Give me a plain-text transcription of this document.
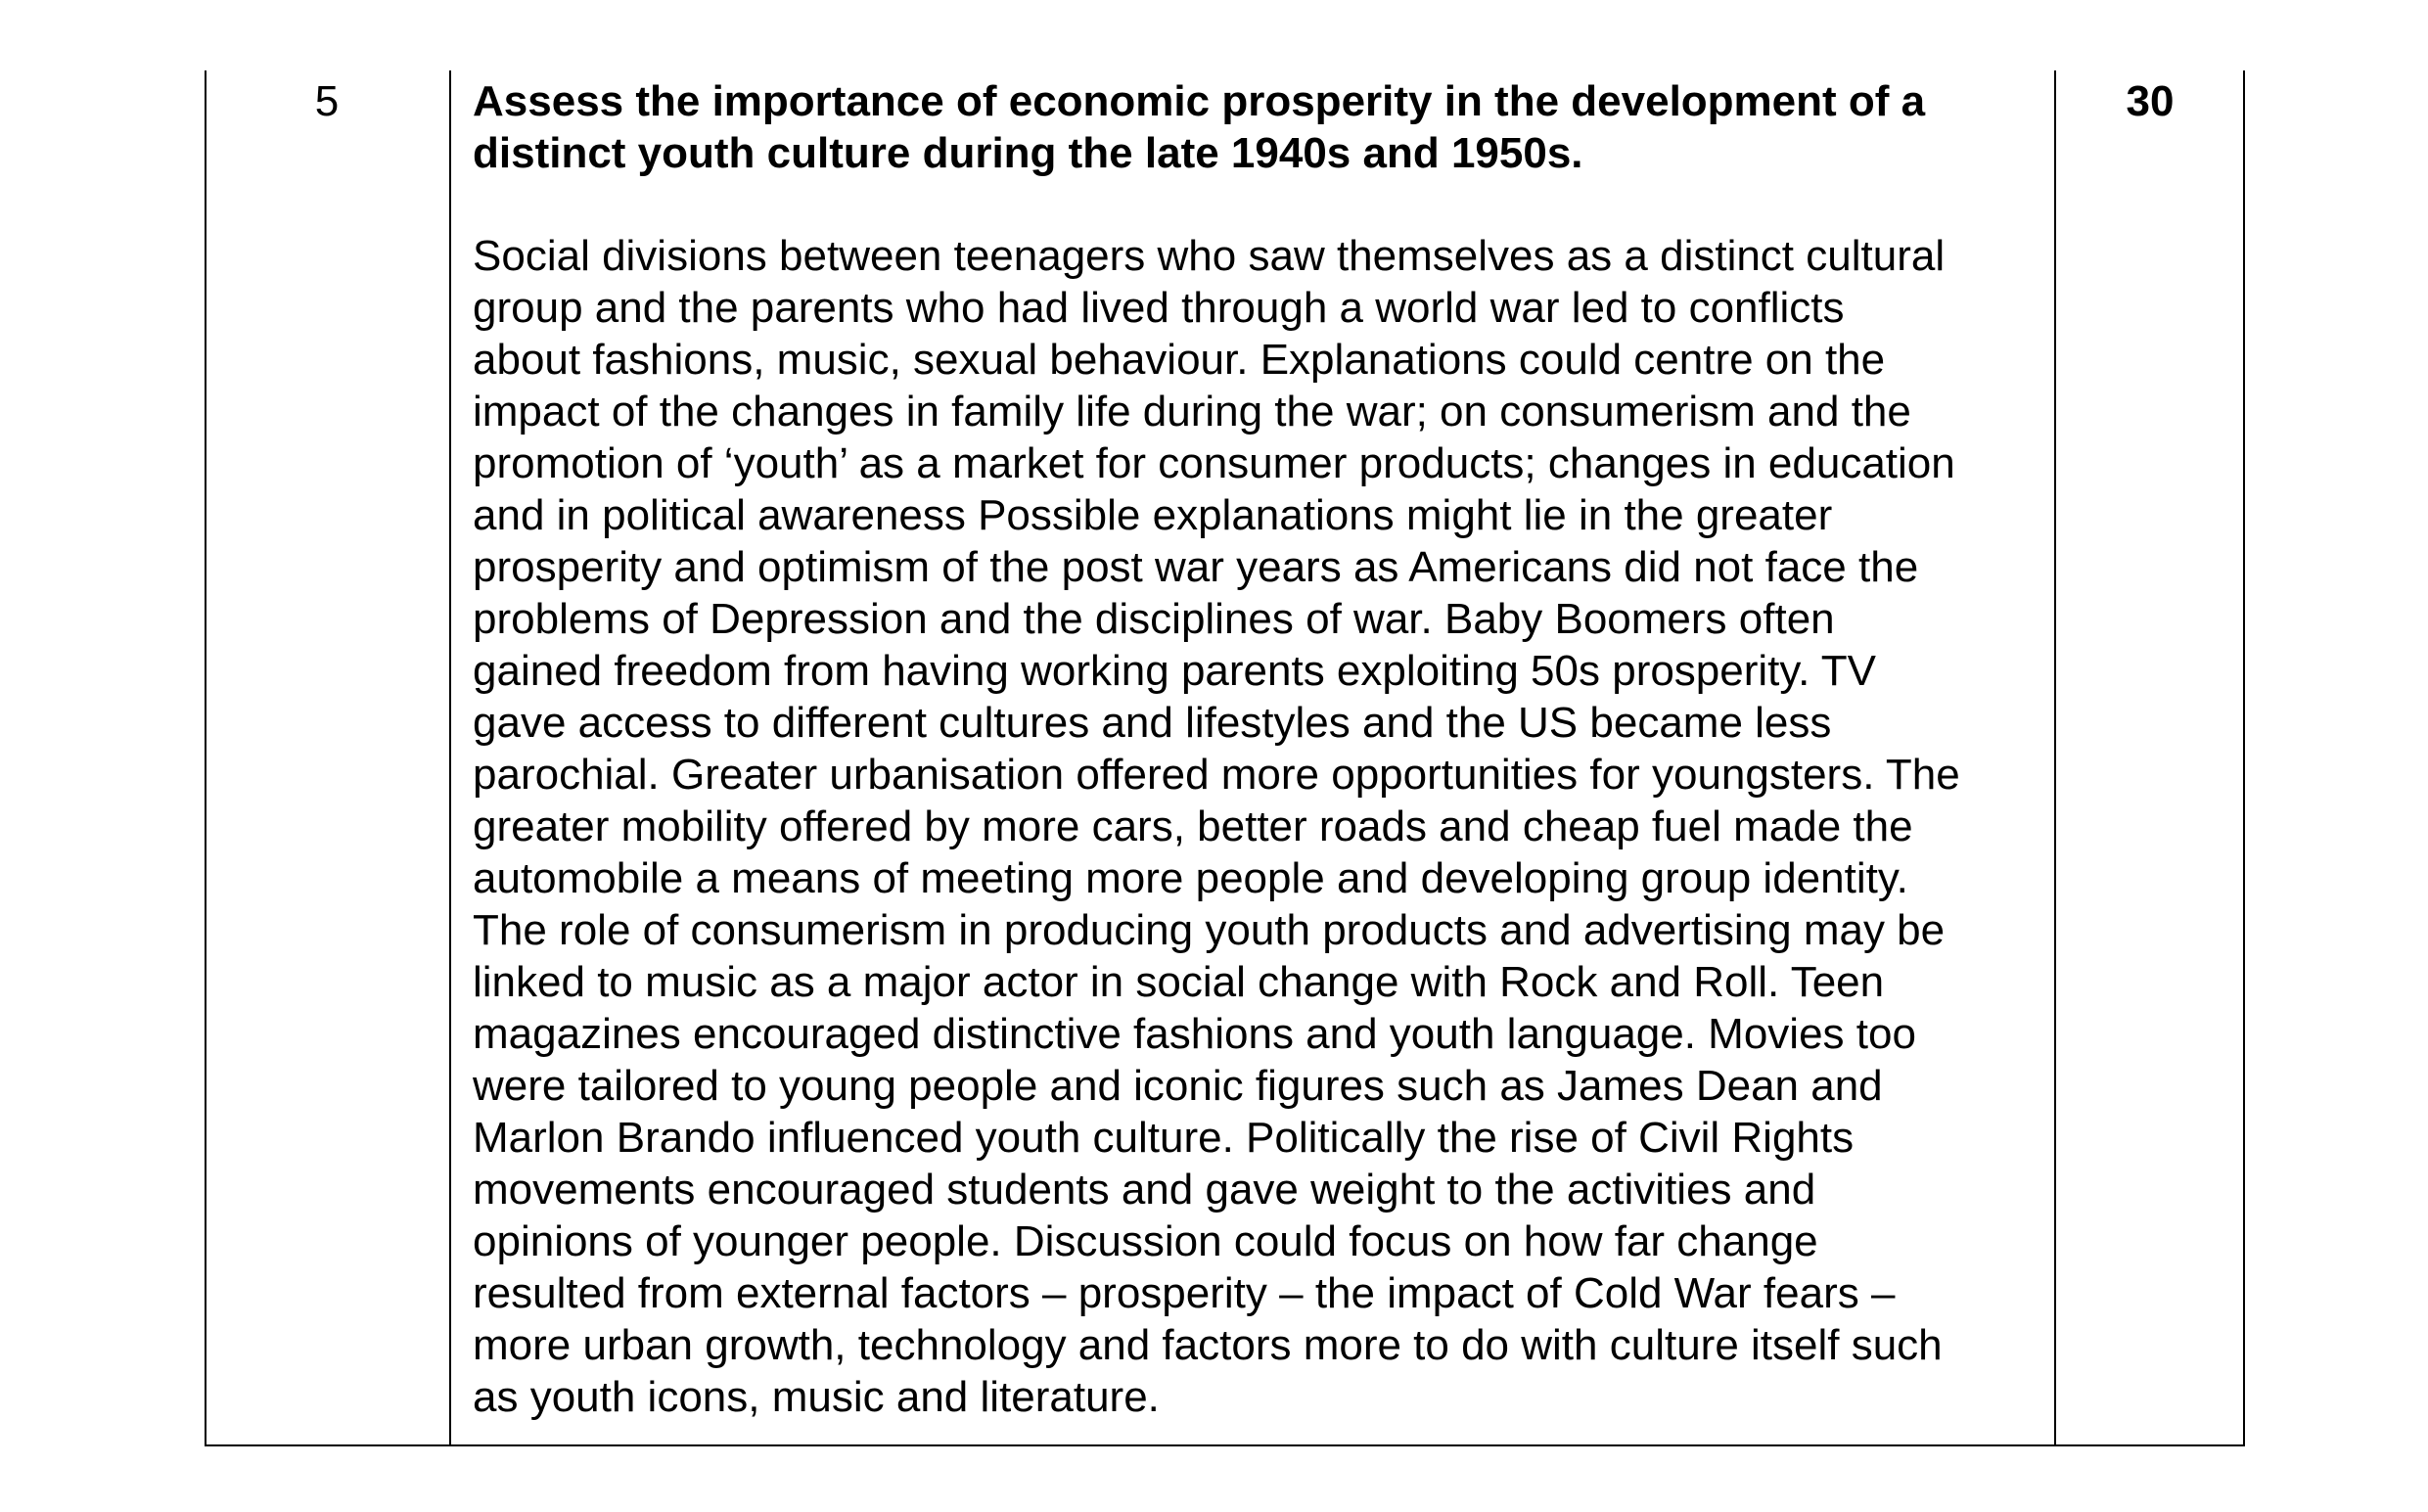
5	Assess the importance of economic prosperity in the development of a
distinct youth culture during the late 1940s and 1950s.

Social divisions between teenagers who saw themselves as a distinct cultural
group and the parents who had lived through a world war led to conflicts
about fashions, music, sexual behaviour. Explanations could centre on the
impact of the changes in family life during the war; on consumerism and the
promotion of ‘youth’ as a market for consumer products; changes in education
and in political awareness Possible explanations might lie in the greater
prosperity and optimism of the post war years as Americans did not face the
problems of Depression and the disciplines of war. Baby Boomers often
gained freedom from having working parents exploiting 50s prosperity. TV
gave access to different cultures and lifestyles and the US became less
parochial. Greater urbanisation offered more opportunities for youngsters. The
greater mobility offered by more cars, better roads and cheap fuel made the
automobile a means of meeting more people and developing group identity.
The role of consumerism in producing youth products and advertising may be
linked to music as a major actor in social change with Rock and Roll. Teen
magazines encouraged distinctive fashions and youth language. Movies too
were tailored to young people and iconic figures such as James Dean and
Marlon Brando influenced youth culture. Politically the rise of Civil Rights
movements encouraged students and gave weight to the activities and
opinions of younger people. Discussion could focus on how far change
resulted from external factors – prosperity – the impact of Cold War fears –
more urban growth, technology and factors more to do with culture itself such
as youth icons, music and literature.

30
